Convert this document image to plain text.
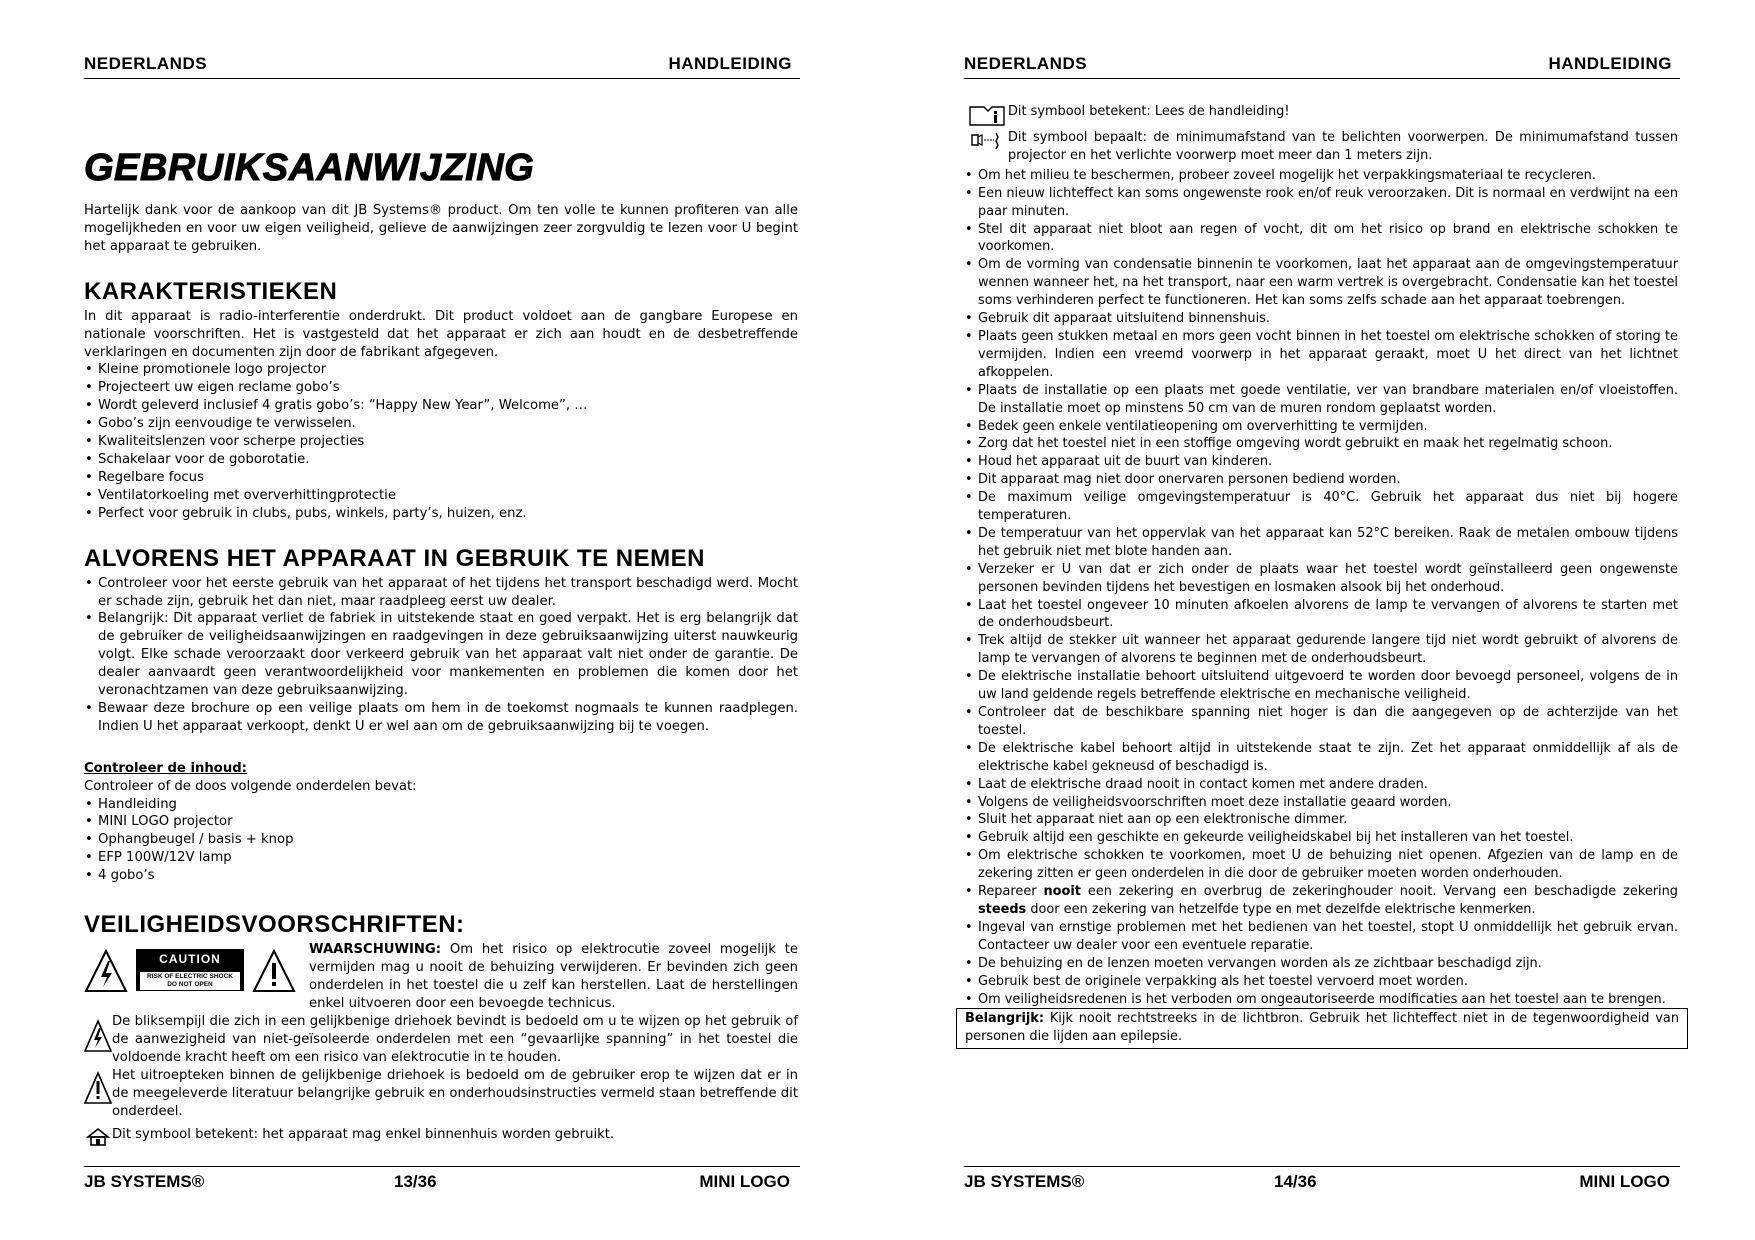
NEDERLANDS	HANDLEIDING
GEBRUIKSAANWIJZING

Hartelijk dank voor de aankoop van dit JB Systems® product. Om ten volle te kunnen profiteren van alle mogelijkheden en voor uw eigen veiligheid, gelieve de aanwijzingen zeer zorgvuldig te lezen voor U begint het apparaat te gebruiken.

KARAKTERISTIEKEN

In dit apparaat is radio-interferentie onderdrukt. Dit product voldoet aan de gangbare Europese en nationale voorschriften. Het is vastgesteld dat het apparaat er zich aan houdt en de desbetreffende verklaringen en documenten zijn door de fabrikant afgegeven.

• Kleine promotionele logo projector
• Projecteert uw eigen reclame gobo’s
• Wordt geleverd inclusief 4 gratis gobo’s: “Happy New Year”, Welcome”, …
• Gobo’s zijn eenvoudige te verwisselen.
• Kwaliteitslenzen voor scherpe projecties
• Schakelaar voor de goborotatie.
• Regelbare focus
• Ventilatorkoeling met oververhittingprotectie
• Perfect voor gebruik in clubs, pubs, winkels, party’s, huizen, enz.
ALVORENS HET APPARAAT IN GEBRUIK TE NEMEN
• Controleer voor het eerste gebruik van het apparaat of het tijdens het transport beschadigd werd. Mocht er schade zijn, gebruik het dan niet, maar raadpleeg eerst uw dealer.
• Belangrijk: Dit apparaat verliet de fabriek in uitstekende staat en goed verpakt. Het is erg belangrijk dat de gebruiker de veiligheidsaanwijzingen en raadgevingen in deze gebruiksaanwijzing uiterst nauwkeurig volgt. Elke schade veroorzaakt door verkeerd gebruik van het apparaat valt niet onder de garantie. De dealer aanvaardt geen verantwoordelijkheid voor mankementen en problemen die komen door het veronachtzamen van deze gebruiksaanwijzing.
• Bewaar deze brochure op een veilige plaats om hem in de toekomst nogmaals te kunnen raadplegen. Indien U het apparaat verkoopt, denkt U er wel aan om de gebruiksaanwijzing bij te voegen.

Controleer de inhoud:

Controleer of de doos volgende onderdelen bevat:

• Handleiding
• MINI LOGO projector
• Ophangbeugel / basis + knop
• EFP 100W/12V lamp
• 4 gobo’s
VEILIGHEIDSVOORSCHRIFTEN:
CAUTION
RISK OF ELECTRIC SHOCK
DO NOT OPEN

WAARSCHUWING: Om het risico op elektrocutie zoveel mogelijk te vermijden mag u nooit de behuizing verwijderen. Er bevinden zich geen onderdelen in het toestel die u zelf kan herstellen. Laat de herstellingen enkel uitvoeren door een bevoegde technicus.

De bliksempijl die zich in een gelijkbenige driehoek bevindt is bedoeld om u te wijzen op het gebruik of de aanwezigheid van niet-geïsoleerde onderdelen met een “gevaarlijke spanning” in het toestel die voldoende kracht heeft om een risico van elektrocutie in te houden.

Het uitroepteken binnen de gelijkbenige driehoek is bedoeld om de gebruiker erop te wijzen dat er in de meegeleverde literatuur belangrijke gebruik en onderhoudsinstructies vermeld staan betreffende dit onderdeel.

Dit symbool betekent: het apparaat mag enkel binnenhuis worden gebruikt.

JB SYSTEMS®	13/36	MINI LOGO
NEDERLANDS	HANDLEIDING

Dit symbool betekent: Lees de handleiding!

Dit symbool bepaalt: de minimumafstand van te belichten voorwerpen. De minimumafstand tussen projector en het verlichte voorwerp moet meer dan 1 meters zijn.

• Om het milieu te beschermen, probeer zoveel mogelijk het verpakkingsmateriaal te recycleren.
• Een nieuw lichteffect kan soms ongewenste rook en/of reuk veroorzaken. Dit is normaal en verdwijnt na een paar minuten.
• Stel dit apparaat niet bloot aan regen of vocht, dit om het risico op brand en elektrische schokken te voorkomen.
• Om de vorming van condensatie binnenin te voorkomen, laat het apparaat aan de omgevingstemperatuur wennen wanneer het, na het transport, naar een warm vertrek is overgebracht. Condensatie kan het toestel soms verhinderen perfect te functioneren. Het kan soms zelfs schade aan het apparaat toebrengen.
• Gebruik dit apparaat uitsluitend binnenshuis.
• Plaats geen stukken metaal en mors geen vocht binnen in het toestel om elektrische schokken of storing te vermijden. Indien een vreemd voorwerp in het apparaat geraakt, moet U het direct van het lichtnet afkoppelen.
• Plaats de installatie op een plaats met goede ventilatie, ver van brandbare materialen en/of vloeistoffen. De installatie moet op minstens 50 cm van de muren rondom geplaatst worden.
• Bedek geen enkele ventilatieopening om oververhitting te vermijden.
• Zorg dat het toestel niet in een stoffige omgeving wordt gebruikt en maak het regelmatig schoon.
• Houd het apparaat uit de buurt van kinderen.
• Dit apparaat mag niet door onervaren personen bediend worden.
• De maximum veilige omgevingstemperatuur is 40°C. Gebruik het apparaat dus niet bij hogere temperaturen.
• De temperatuur van het oppervlak van het apparaat kan 52°C bereiken. Raak de metalen ombouw tijdens het gebruik niet met blote handen aan.
• Verzeker er U van dat er zich onder de plaats waar het toestel wordt geïnstalleerd geen ongewenste personen bevinden tijdens het bevestigen en losmaken alsook bij het onderhoud.
• Laat het toestel ongeveer 10 minuten afkoelen alvorens de lamp te vervangen of alvorens te starten met de onderhoudsbeurt.
• Trek altijd de stekker uit wanneer het apparaat gedurende langere tijd niet wordt gebruikt of alvorens de lamp te vervangen of alvorens te beginnen met de onderhoudsbeurt.
• De elektrische installatie behoort uitsluitend uitgevoerd te worden door bevoegd personeel, volgens de in uw land geldende regels betreffende elektrische en mechanische veiligheid.
• Controleer dat de beschikbare spanning niet hoger is dan die aangegeven op de achterzijde van het toestel.
• De elektrische kabel behoort altijd in uitstekende staat te zijn. Zet het apparaat onmiddellijk af als de elektrische kabel gekneusd of beschadigd is.
• Laat de elektrische draad nooit in contact komen met andere draden.
• Volgens de veiligheidsvoorschriften moet deze installatie geaard worden.
• Sluit het apparaat niet aan op een elektronische dimmer.
• Gebruik altijd een geschikte en gekeurde veiligheidskabel bij het installeren van het toestel.
• Om elektrische schokken te voorkomen, moet U de behuizing niet openen. Afgezien van de lamp en de zekering zitten er geen onderdelen in die door de gebruiker moeten worden onderhouden.
• Repareer nooit een zekering en overbrug de zekeringhouder nooit. Vervang een beschadigde zekering steeds door een zekering van hetzelfde type en met dezelfde elektrische kenmerken.
• Ingeval van ernstige problemen met het bedienen van het toestel, stopt U onmiddellijk het gebruik ervan. Contacteer uw dealer voor een eventuele reparatie.
• De behuizing en de lenzen moeten vervangen worden als ze zichtbaar beschadigd zijn.
• Gebruik best de originele verpakking als het toestel vervoerd moet worden.
• Om veiligheidsredenen is het verboden om ongeautoriseerde modificaties aan het toestel aan te brengen.

Belangrijk: Kijk nooit rechtstreeks in de lichtbron. Gebruik het lichteffect niet in de tegenwoordigheid van personen die lijden aan epilepsie.

JB SYSTEMS®	14/36	MINI LOGO
